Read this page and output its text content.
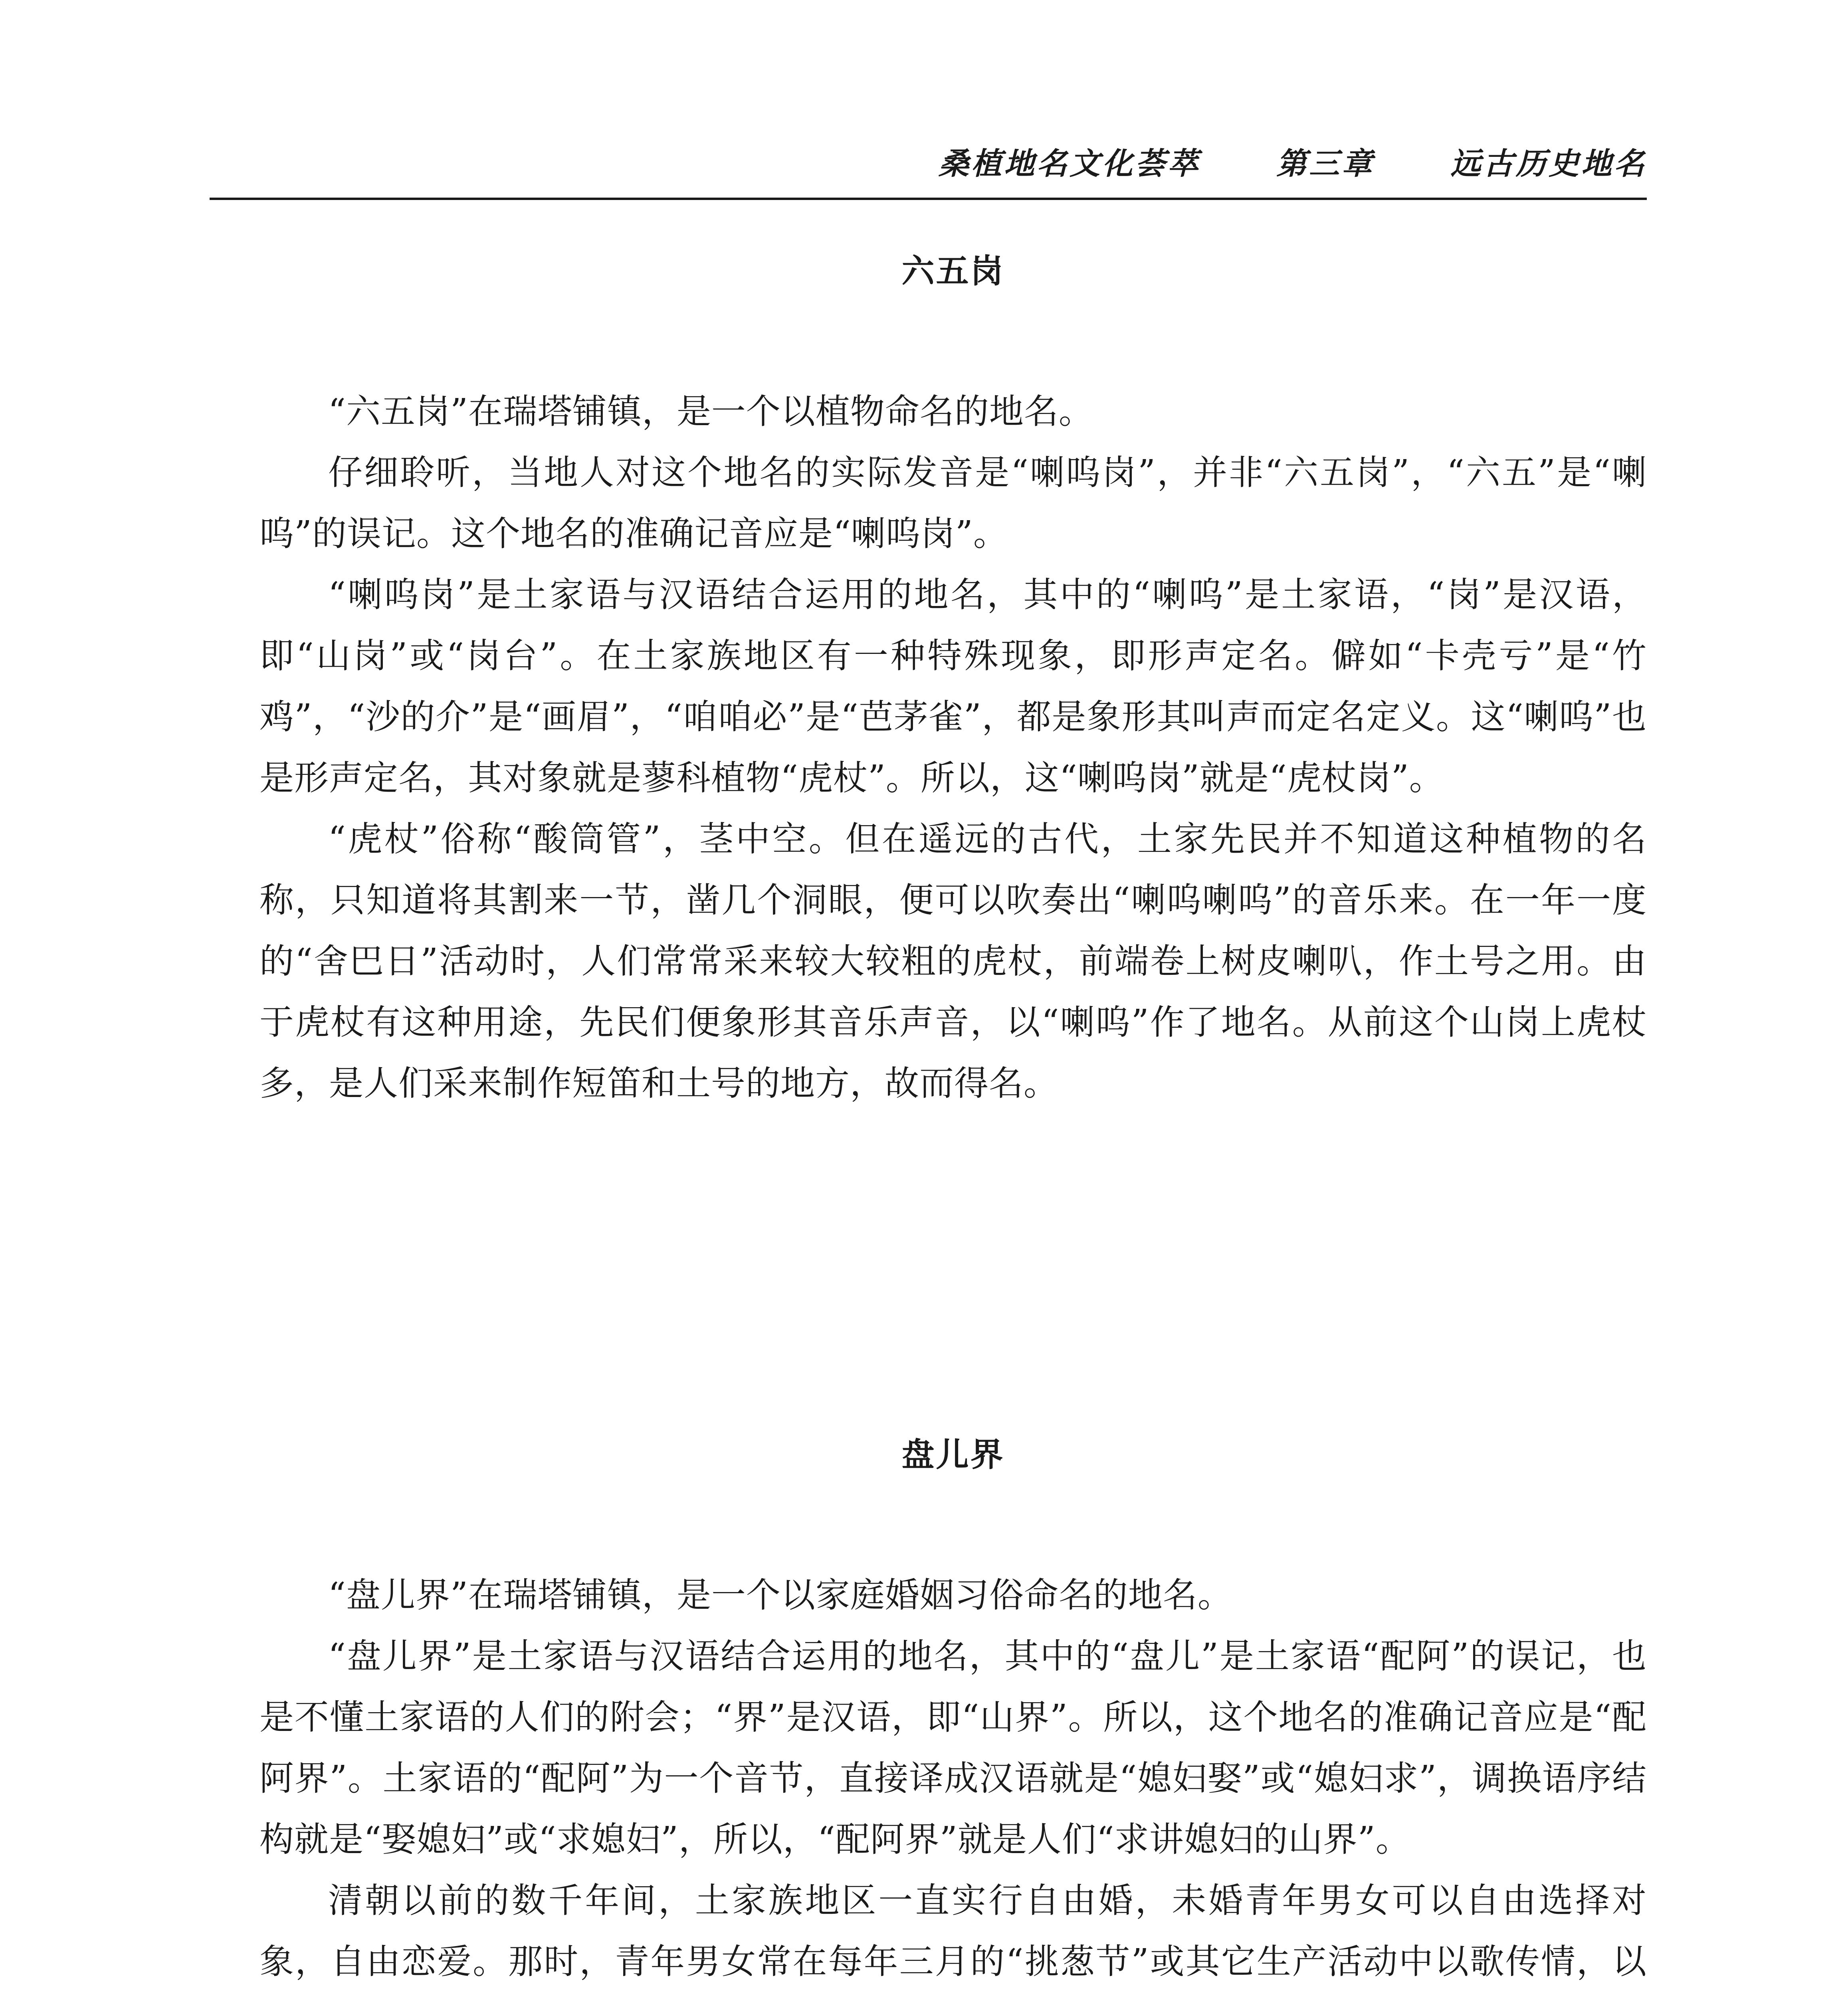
桑植地名文化荟萃	第三章	远古历史地名
六五岗

“六五岗”在瑞塔铺镇，是一个以植物命名的地名。

仔细聆听，当地人对这个地名的实际发音是“喇呜岗”，并非“六五岗”，“六五”是“喇呜”的误记。这个地名的准确记音应是“喇呜岗”。

“喇呜岗”是土家语与汉语结合运用的地名，其中的“喇呜”是土家语，“岗”是汉语，即“山岗”或“岗台”。在土家族地区有一种特殊现象，即形声定名。僻如“卡壳亏”是“竹鸡”，“沙的介”是“画眉”，“咱咱必”是“芭茅雀”，都是象形其叫声而定名定义。这“喇呜”也是形声定名，其对象就是蓼科植物“虎杖”。所以，这“喇呜岗”就是“虎杖岗”。

“虎杖”俗称“酸筒管”，茎中空。但在遥远的古代，土家先民并不知道这种植物的名称，只知道将其割来一节，凿几个洞眼，便可以吹奏出“喇呜喇呜”的音乐来。在一年一度的“舍巴日”活动时，人们常常采来较大较粗的虎杖，前端卷上树皮喇叭，作土号之用。由于虎杖有这种用途，先民们便象形其音乐声音，以“喇呜”作了地名。从前这个山岗上虎杖多，是人们采来制作短笛和土号的地方，故而得名。

盘儿界

“盘儿界”在瑞塔铺镇，是一个以家庭婚姻习俗命名的地名。

“盘儿界”是土家语与汉语结合运用的地名，其中的“盘儿”是土家语“配阿”的误记，也是不懂土家语的人们的附会；“界”是汉语，即“山界”。所以，这个地名的准确记音应是“配阿界”。土家语的“配阿”为一个音节，直接译成汉语就是“媳妇娶”或“媳妇求”，调换语序结构就是“娶媳妇”或“求媳妇”，所以，“配阿界”就是人们“求讲媳妇的山界”。

清朝以前的数千年间，土家族地区一直实行自由婚，未婚青年男女可以自由选择对象，自由恋爱。那时，青年男女常在每年三月的“挑葱节”或其它生产活动中以歌传情，以
